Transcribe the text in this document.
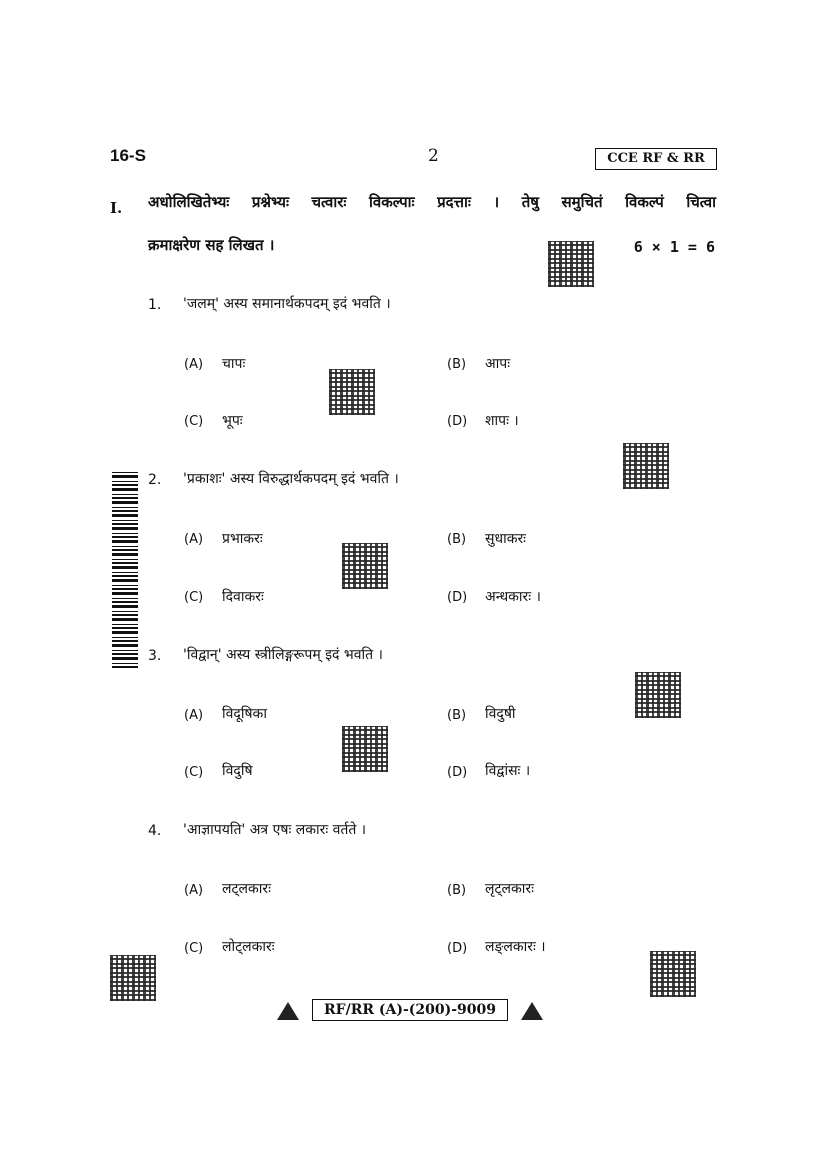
16-S	2	CCE RF & RR
I. अधोलिखितेभ्यः प्रश्नेभ्यः चत्वारः विकल्पाः प्रदत्ताः । तेषु समुचितं विकल्पं चित्वा
क्रमाक्षरेण सह लिखत ।	6 × 1 = 6
1. 'जलम्' अस्य समानार्थकपदम् इदं भवति ।
(A) चापः	(B) आपः
(C) भूपः	(D) शापः ।
2. 'प्रकाशः' अस्य विरुद्धार्थकपदम् इदं भवति ।
(A) प्रभाकरः	(B) सुधाकरः
(C) दिवाकरः	(D) अन्धकारः ।
3. 'विद्वान्' अस्य स्त्रीलिङ्गरूपम् इदं भवति ।
(A) विदूषिका	(B) विदुषी
(C) विदुषि	(D) विद्वांसः ।
4. 'आज्ञापयति' अत्र एषः लकारः वर्तते ।
(A) लट्लकारः	(B) लृट्लकारः
(C) लोट्लकारः	(D) लङ्लकारः ।
RF/RR (A)-(200)-9009
